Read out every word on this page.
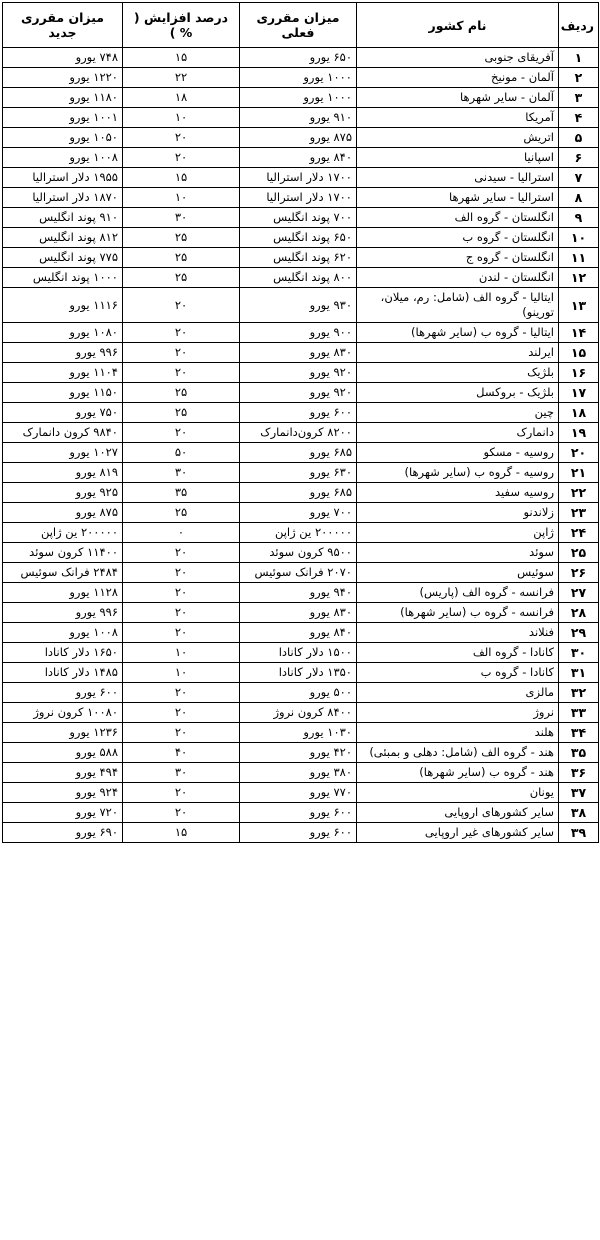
ردیف	نام کشور	میزان مقرری فعلی	درصد افزایش ( % )	میزان مقرری جدید
۱	آفریقای جنوبی	۶۵۰ یورو	۱۵	۷۴۸ یورو
۲	آلمان - مونیخ	۱۰۰۰ یورو	۲۲	۱۲۲۰ یورو
۳	آلمان - سایر شهرها	۱۰۰۰ یورو	۱۸	۱۱۸۰ یورو
۴	آمریکا	۹۱۰ یورو	۱۰	۱۰۰۱ یورو
۵	اتریش	۸۷۵ یورو	۲۰	۱۰۵۰ یورو
۶	اسپانیا	۸۴۰ یورو	۲۰	۱۰۰۸ یورو
۷	استرالیا - سیدنی	۱۷۰۰ دلار استرالیا	۱۵	۱۹۵۵ دلار استرالیا
۸	استرالیا - سایر شهرها	۱۷۰۰ دلار استرالیا	۱۰	۱۸۷۰ دلار استرالیا
۹	انگلستان - گروه الف	۷۰۰ پوند انگلیس	۳۰	۹۱۰ پوند انگلیس
۱۰	انگلستان - گروه ب	۶۵۰ پوند انگلیس	۲۵	۸۱۲ پوند انگلیس
۱۱	انگلستان - گروه ج	۶۲۰ پوند انگلیس	۲۵	۷۷۵ پوند انگلیس
۱۲	انگلستان - لندن	۸۰۰ پوند انگلیس	۲۵	۱۰۰۰ پوند انگلیس
۱۳	ایتالیا - گروه الف (شامل: رم، میلان، تورینو)	۹۳۰ یورو	۲۰	۱۱۱۶ یورو
۱۴	ایتالیا - گروه ب (سایر شهرها)	۹۰۰ یورو	۲۰	۱۰۸۰ یورو
۱۵	ایرلند	۸۳۰ یورو	۲۰	۹۹۶ یورو
۱۶	بلژیک	۹۲۰ یورو	۲۰	۱۱۰۴ یورو
۱۷	بلژیک - بروکسل	۹۲۰ یورو	۲۵	۱۱۵۰ یورو
۱۸	چین	۶۰۰ یورو	۲۵	۷۵۰ یورو
۱۹	دانمارک	۸۲۰۰ کرون‌دانمارک	۲۰	۹۸۴۰ کرون دانمارک
۲۰	روسیه - مسکو	۶۸۵ یورو	۵۰	۱۰۲۷ یورو
۲۱	روسیه - گروه ب (سایر شهرها)	۶۳۰ یورو	۳۰	۸۱۹ یورو
۲۲	روسیه سفید	۶۸۵ یورو	۳۵	۹۲۵ یورو
۲۳	زلاندنو	۷۰۰ یورو	۲۵	۸۷۵ یورو
۲۴	ژاپن	۲۰۰۰۰۰ ین ژاپن	۰	۲۰۰۰۰۰ ین ژاپن
۲۵	سوئد	۹۵۰۰ کرون سوئد	۲۰	۱۱۴۰۰ کرون سوئد
۲۶	سوئیس	۲۰۷۰ فرانک سوئیس	۲۰	۲۴۸۴ فرانک سوئیس
۲۷	فرانسه - گروه الف (پاریس)	۹۴۰ یورو	۲۰	۱۱۲۸ یورو
۲۸	فرانسه - گروه ب (سایر شهرها)	۸۳۰ یورو	۲۰	۹۹۶ یورو
۲۹	فنلاند	۸۴۰ یورو	۲۰	۱۰۰۸ یورو
۳۰	کانادا - گروه الف	۱۵۰۰ دلار کانادا	۱۰	۱۶۵۰ دلار کانادا
۳۱	کانادا - گروه ب	۱۳۵۰ دلار کانادا	۱۰	۱۴۸۵ دلار کانادا
۳۲	مالزی	۵۰۰ یورو	۲۰	۶۰۰ یورو
۳۳	نروژ	۸۴۰۰ کرون نروژ	۲۰	۱۰۰۸۰ کرون نروژ
۳۴	هلند	۱۰۳۰ یورو	۲۰	۱۲۳۶ یورو
۳۵	هند - گروه الف (شامل: دهلی و بمبئی)	۴۲۰ یورو	۴۰	۵۸۸ یورو
۳۶	هند - گروه ب (سایر شهرها)	۳۸۰ یورو	۳۰	۴۹۴ یورو
۳۷	یونان	۷۷۰ یورو	۲۰	۹۲۴ یورو
۳۸	سایر کشورهای اروپایی	۶۰۰ یورو	۲۰	۷۲۰ یورو
۳۹	سایر کشورهای غیر اروپایی	۶۰۰ یورو	۱۵	۶۹۰ یورو
